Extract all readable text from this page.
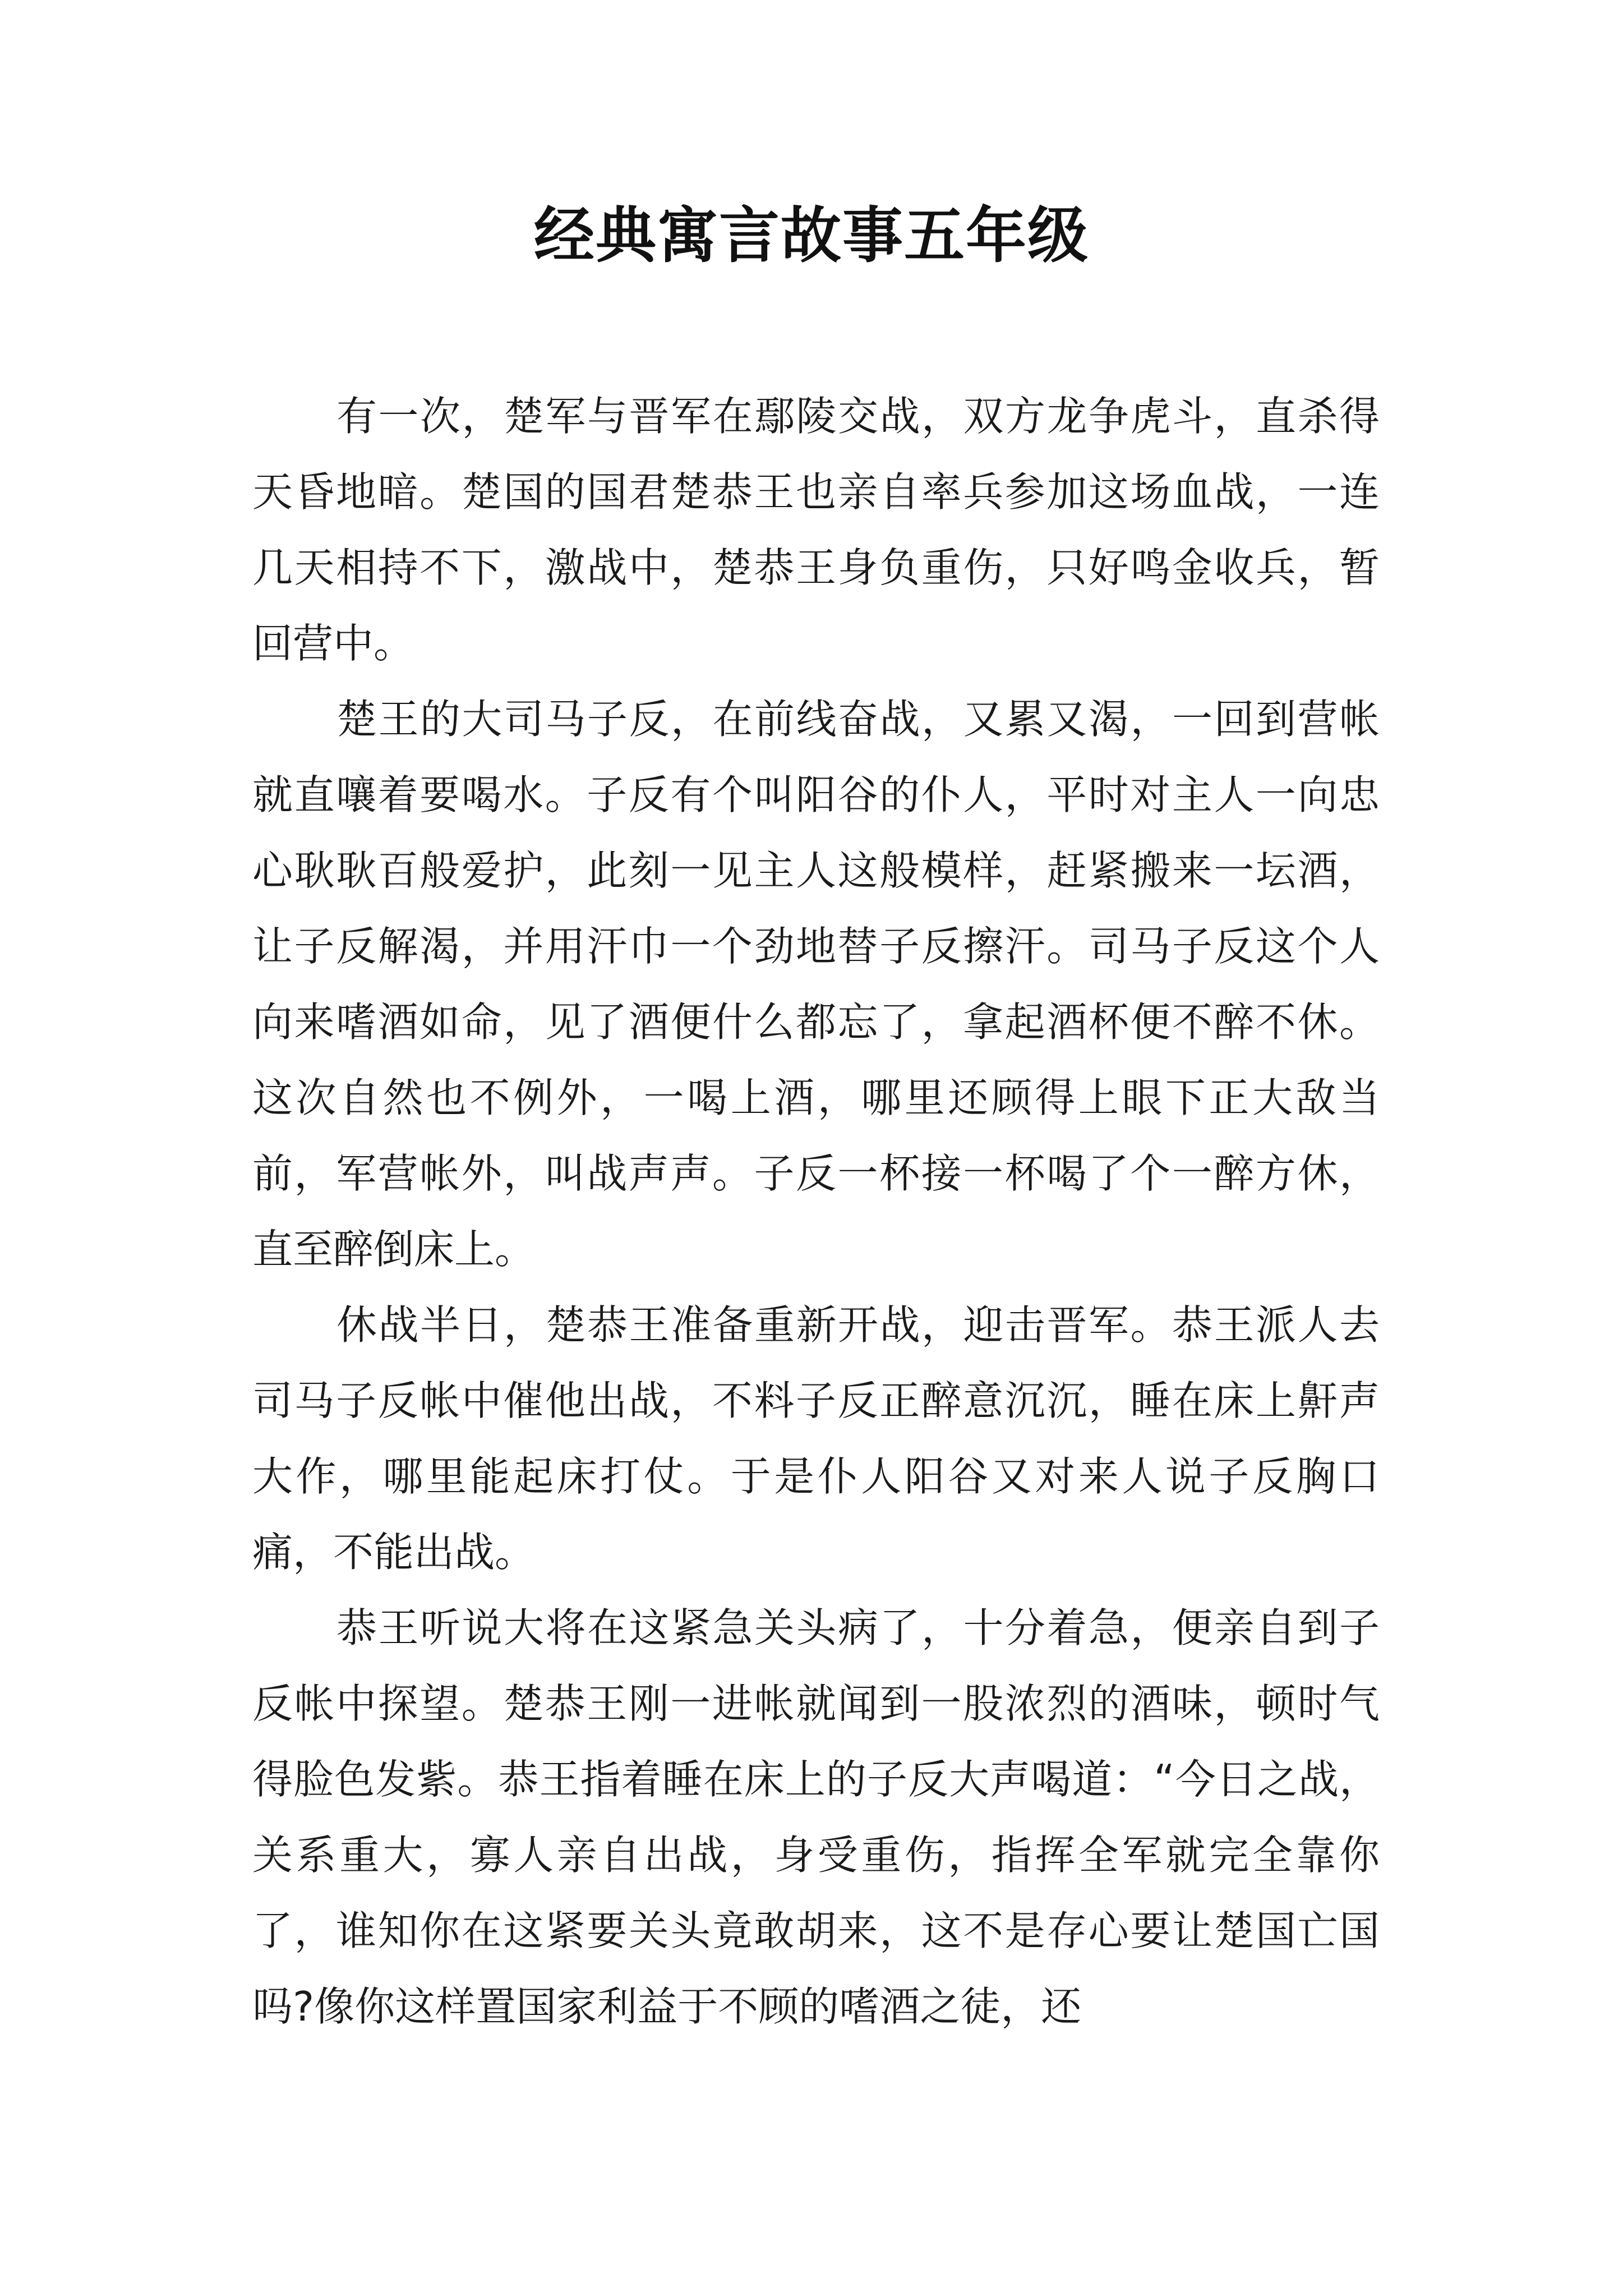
经典寓言故事五年级

有一次，楚军与晋军在鄢陵交战，双方龙争虎斗，直杀得天昏地暗。楚国的国君楚恭王也亲自率兵参加这场血战，一连几天相持不下，激战中，楚恭王身负重伤，只好鸣金收兵，暂回营中。

楚王的大司马子反，在前线奋战，又累又渴，一回到营帐就直嚷着要喝水。子反有个叫阳谷的仆人，平时对主人一向忠心耿耿百般爱护，此刻一见主人这般模样，赶紧搬来一坛酒，让子反解渴，并用汗巾一个劲地替子反擦汗。司马子反这个人向来嗜酒如命，见了酒便什么都忘了，拿起酒杯便不醉不休。这次自然也不例外，一喝上酒，哪里还顾得上眼下正大敌当前，军营帐外，叫战声声。子反一杯接一杯喝了个一醉方休，直至醉倒床上。

休战半日，楚恭王准备重新开战，迎击晋军。恭王派人去司马子反帐中催他出战，不料子反正醉意沉沉，睡在床上鼾声大作，哪里能起床打仗。于是仆人阳谷又对来人说子反胸口痛，不能出战。

恭王听说大将在这紧急关头病了，十分着急，便亲自到子反帐中探望。楚恭王刚一进帐就闻到一股浓烈的酒味，顿时气得脸色发紫。恭王指着睡在床上的子反大声喝道：“今日之战，关系重大，寡人亲自出战，身受重伤，指挥全军就完全靠你了，谁知你在这紧要关头竟敢胡来，这不是存心要让楚国亡国吗?像你这样置国家利益于不顾的嗜酒之徒，还
